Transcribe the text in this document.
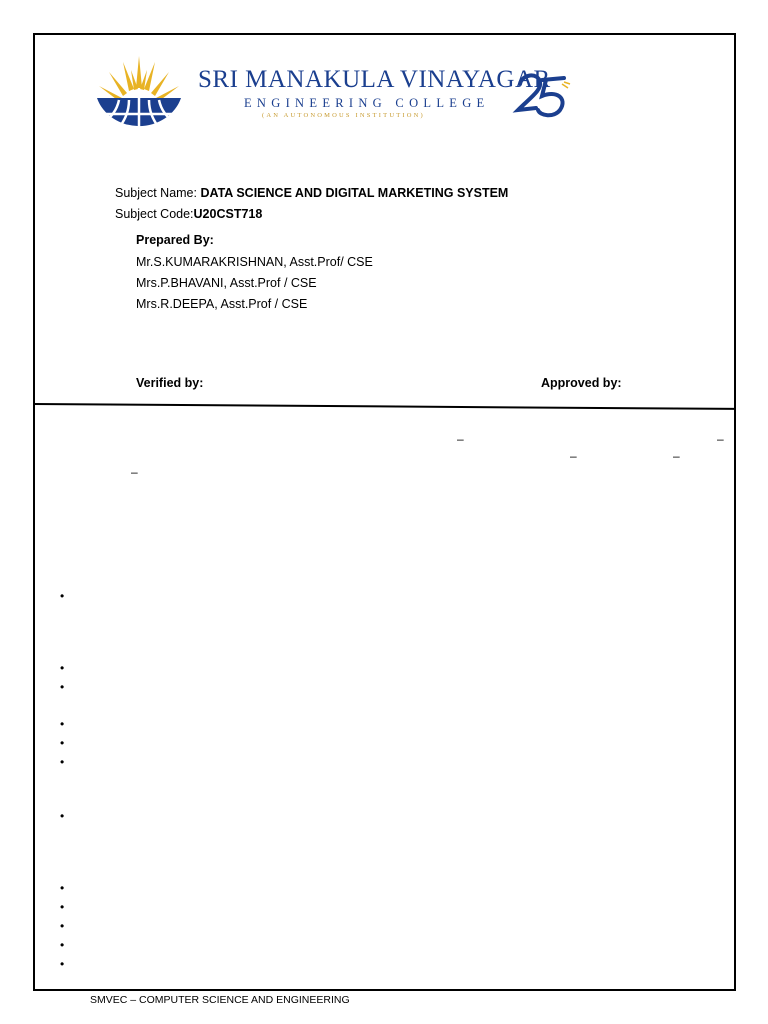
SRI MANAKULA VINAYAGAR
ENGINEERING COLLEGE
(AN AUTONOMOUS INSTITUTION)
Subject Name: DATA SCIENCE AND DIGITAL MARKETING SYSTEM
Subject Code:U20CST718
Prepared By:
Mr.S.KUMARAKRISHNAN, Asst.Prof/ CSE
Mrs.P.BHAVANI, Asst.Prof / CSE
Mrs.R.DEEPA, Asst.Prof / CSE
Verified by:	Approved by:
–	–
–	–
–
•
•
•
•
•
•
•
•
•
•
•
•
SMVEC – COMPUTER SCIENCE AND ENGINEERING
